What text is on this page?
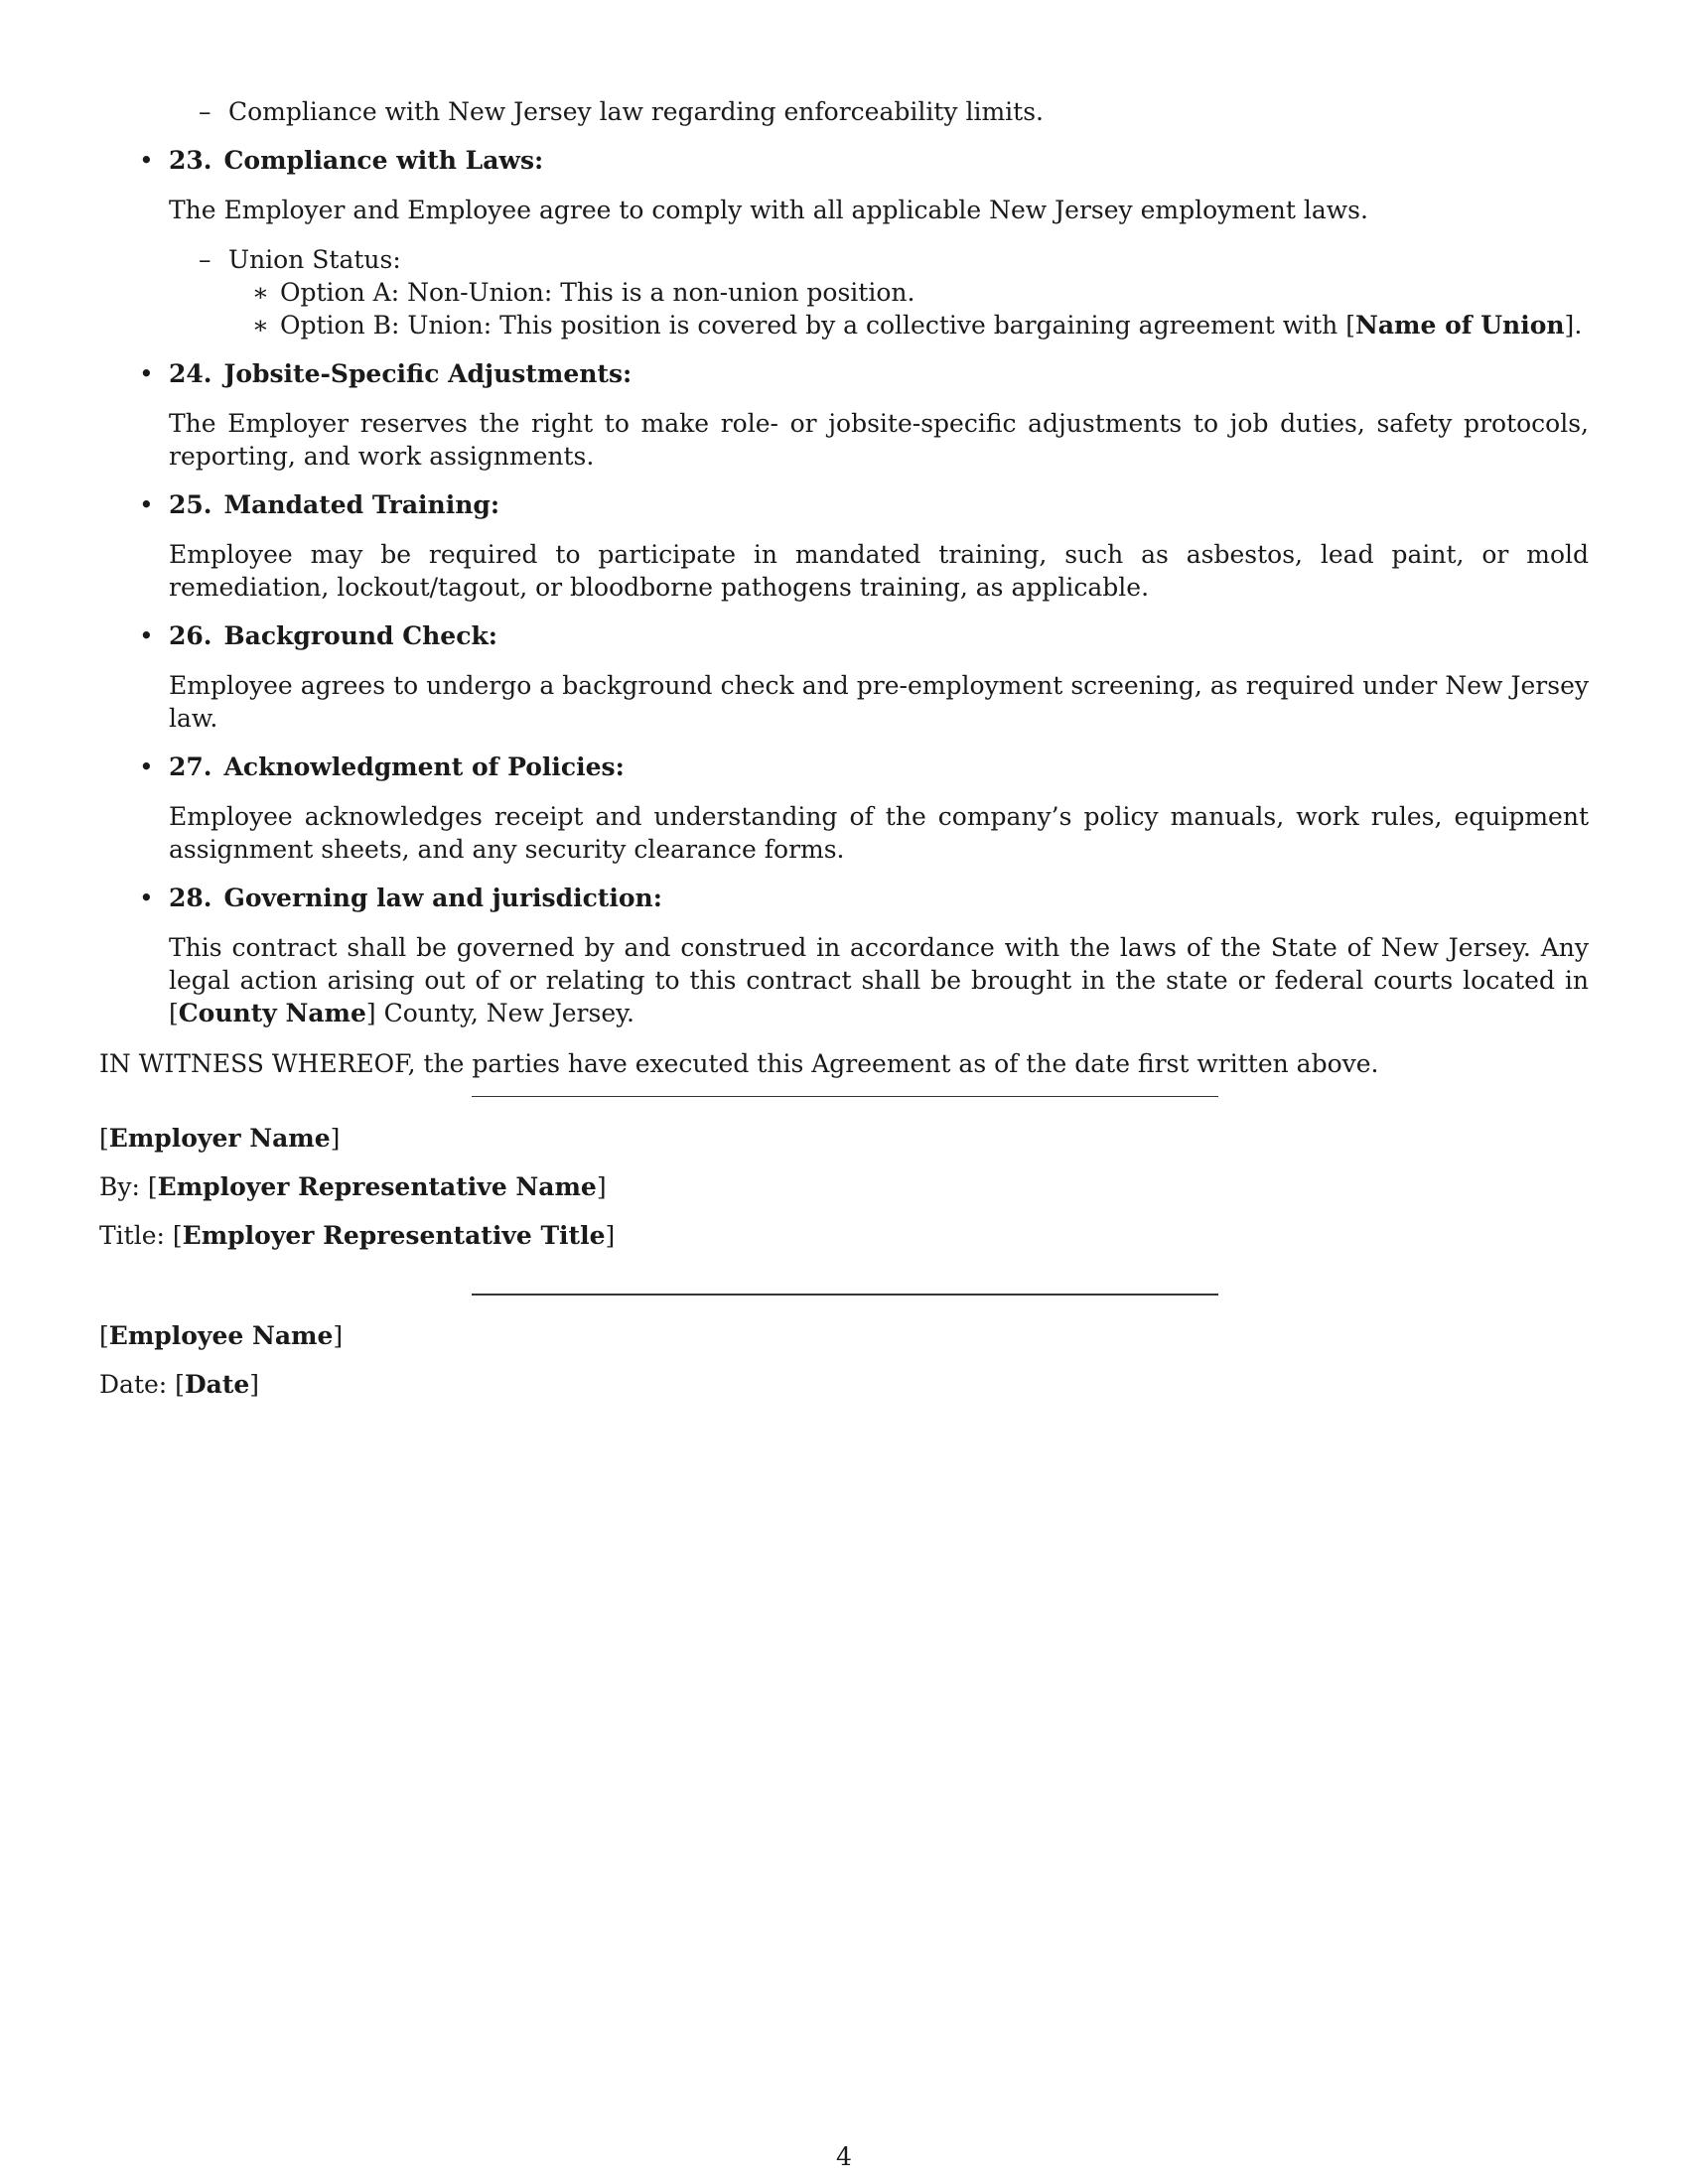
– Compliance with New Jersey law regarding enforceability limits.
• 23. Compliance with Laws:

The Employer and Employee agree to comply with all applicable New Jersey employment laws.
– Union Status:
∗ Option A: Non-Union: This is a non-union position.
∗ Option B: Union: This position is covered by a collective bargaining agreement with [Name of Union].
• 24. Jobsite-Specific Adjustments:

The Employer reserves the right to make role- or jobsite-specific adjustments to job duties, safety protocols, reporting, and work assignments.
• 25. Mandated Training:

Employee may be required to participate in mandated training, such as asbestos, lead paint, or mold remediation, lockout/tagout, or bloodborne pathogens training, as applicable.
• 26. Background Check:

Employee agrees to undergo a background check and pre-employment screening, as required under New Jersey law.
• 27. Acknowledgment of Policies:

Employee acknowledges receipt and understanding of the company’s policy manuals, work rules, equipment assignment sheets, and any security clearance forms.
• 28. Governing law and jurisdiction:

This contract shall be governed by and construed in accordance with the laws of the State of New Jersey. Any legal action arising out of or relating to this contract shall be brought in the state or federal courts located in [County Name] County, New Jersey.

IN WITNESS WHEREOF, the parties have executed this Agreement as of the date first written above.

[Employer Name]

By: [Employer Representative Name]

Title: [Employer Representative Title]

[Employee Name]

Date: [Date]

4
